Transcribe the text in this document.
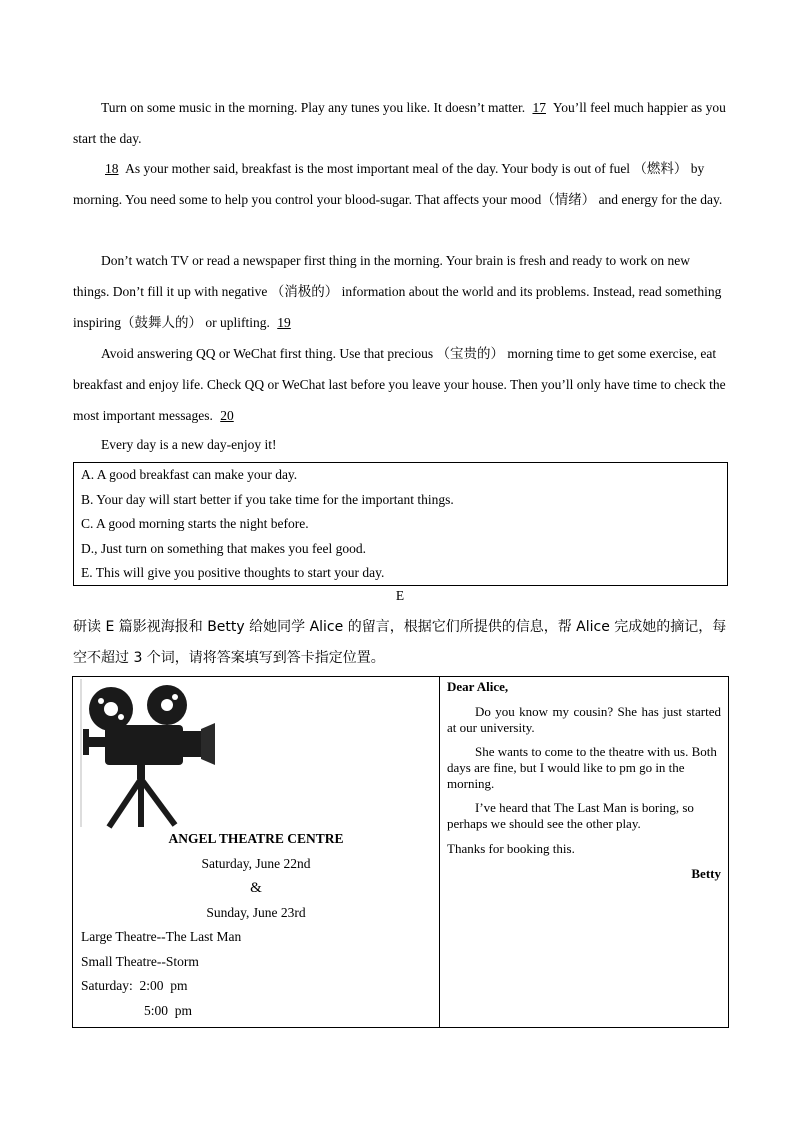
Turn on some music in the morning. Play any tunes you like. It doesn’t matter. 17 You’ll feel much happier as you start the day.

18 As your mother said, breakfast is the most important meal of the day. Your body is out of fuel （燃料） by morning. You need some to help you control your blood-sugar. That affects your mood（情绪） and energy for the day.

Don’t watch TV or read a newspaper first thing in the morning. Your brain is fresh and ready to work on new things. Don’t fill it up with negative （消极的） information about the world and its problems. Instead, read something inspiring（鼓舞人的） or uplifting. 19

Avoid answering QQ or WeChat first thing. Use that precious （宝贵的） morning time to get some exercise, eat breakfast and enjoy life. Check QQ or WeChat last before you leave your house. Then you’ll only have time to check the most important messages. 20

Every day is a new day-enjoy it!

A. A good breakfast can make your day.
B. Your day will start better if you take time for the important things.
C. A good morning starts the night before.
D., Just turn on something that makes you feel good.
E. This will give you positive thoughts to start your day.
E
研读 E 篇影视海报和 Betty 给她同学 Alice 的留言，根据它们所提供的信息，帮 Alice 完成她的摘记，每空不超过 3 个词，请将答案填写到答卡指定位置。
ANGEL THEATRE CENTRE
Saturday, June 22nd
&
Sunday, June 23rd
Large Theatre--The Last Man
Small Theatre--Storm
Saturday:  2:00  pm
5:00  pm

Dear Alice,

Do you know my cousin? She has just started at our university.

She wants to come to the theatre with us. Both days are fine, but I would like to pm go in the morning.

I’ve heard that The Last Man is boring, so perhaps we should see the other play.

Thanks for booking this.

Betty
